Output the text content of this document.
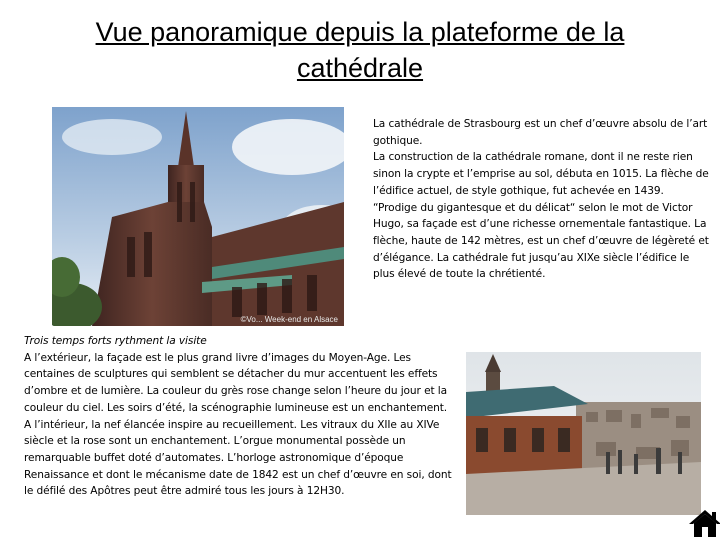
Vue panoramique depuis la plateforme de la cathédrale
©Vo... Week-end en Alsace

La cathédrale de Strasbourg est un chef d’œuvre absolu de l’art gothique.

La construction de la cathédrale romane, dont il ne reste rien sinon la crypte et l’emprise au sol, débuta en 1015. La flèche de l’édifice actuel, de style gothique, fut achevée en 1439.

“Prodige du gigantesque et du délicat“ selon le mot de Victor Hugo, sa façade est d’une richesse ornementale fantastique. La flèche, haute de 142 mètres, est un chef d’œuvre de légèreté et d’élégance. La cathédrale fut jusqu’au XIXe siècle l’édifice le plus élevé de toute la chrétienté.

Trois temps forts rythment la visite

A l’extérieur, la façade est le plus grand livre d’images du Moyen-Age. Les centaines de sculptures qui semblent se détacher du mur accentuent les effets d’ombre et de lumière. La couleur du grès rose change selon l’heure du jour et la couleur du ciel. Les soirs d’été, la scénographie lumineuse est un enchantement.

A l’intérieur, la nef élancée inspire au recueillement. Les vitraux du XIIe au XIVe siècle et la rose sont un enchantement. L’orgue monumental possède un remarquable buffet doté d’automates. L’horloge astronomique d’époque Renaissance et dont le mécanisme date de 1842 est un chef d’œuvre en soi, dont le défilé des Apôtres peut être admiré tous les jours à 12H30.
